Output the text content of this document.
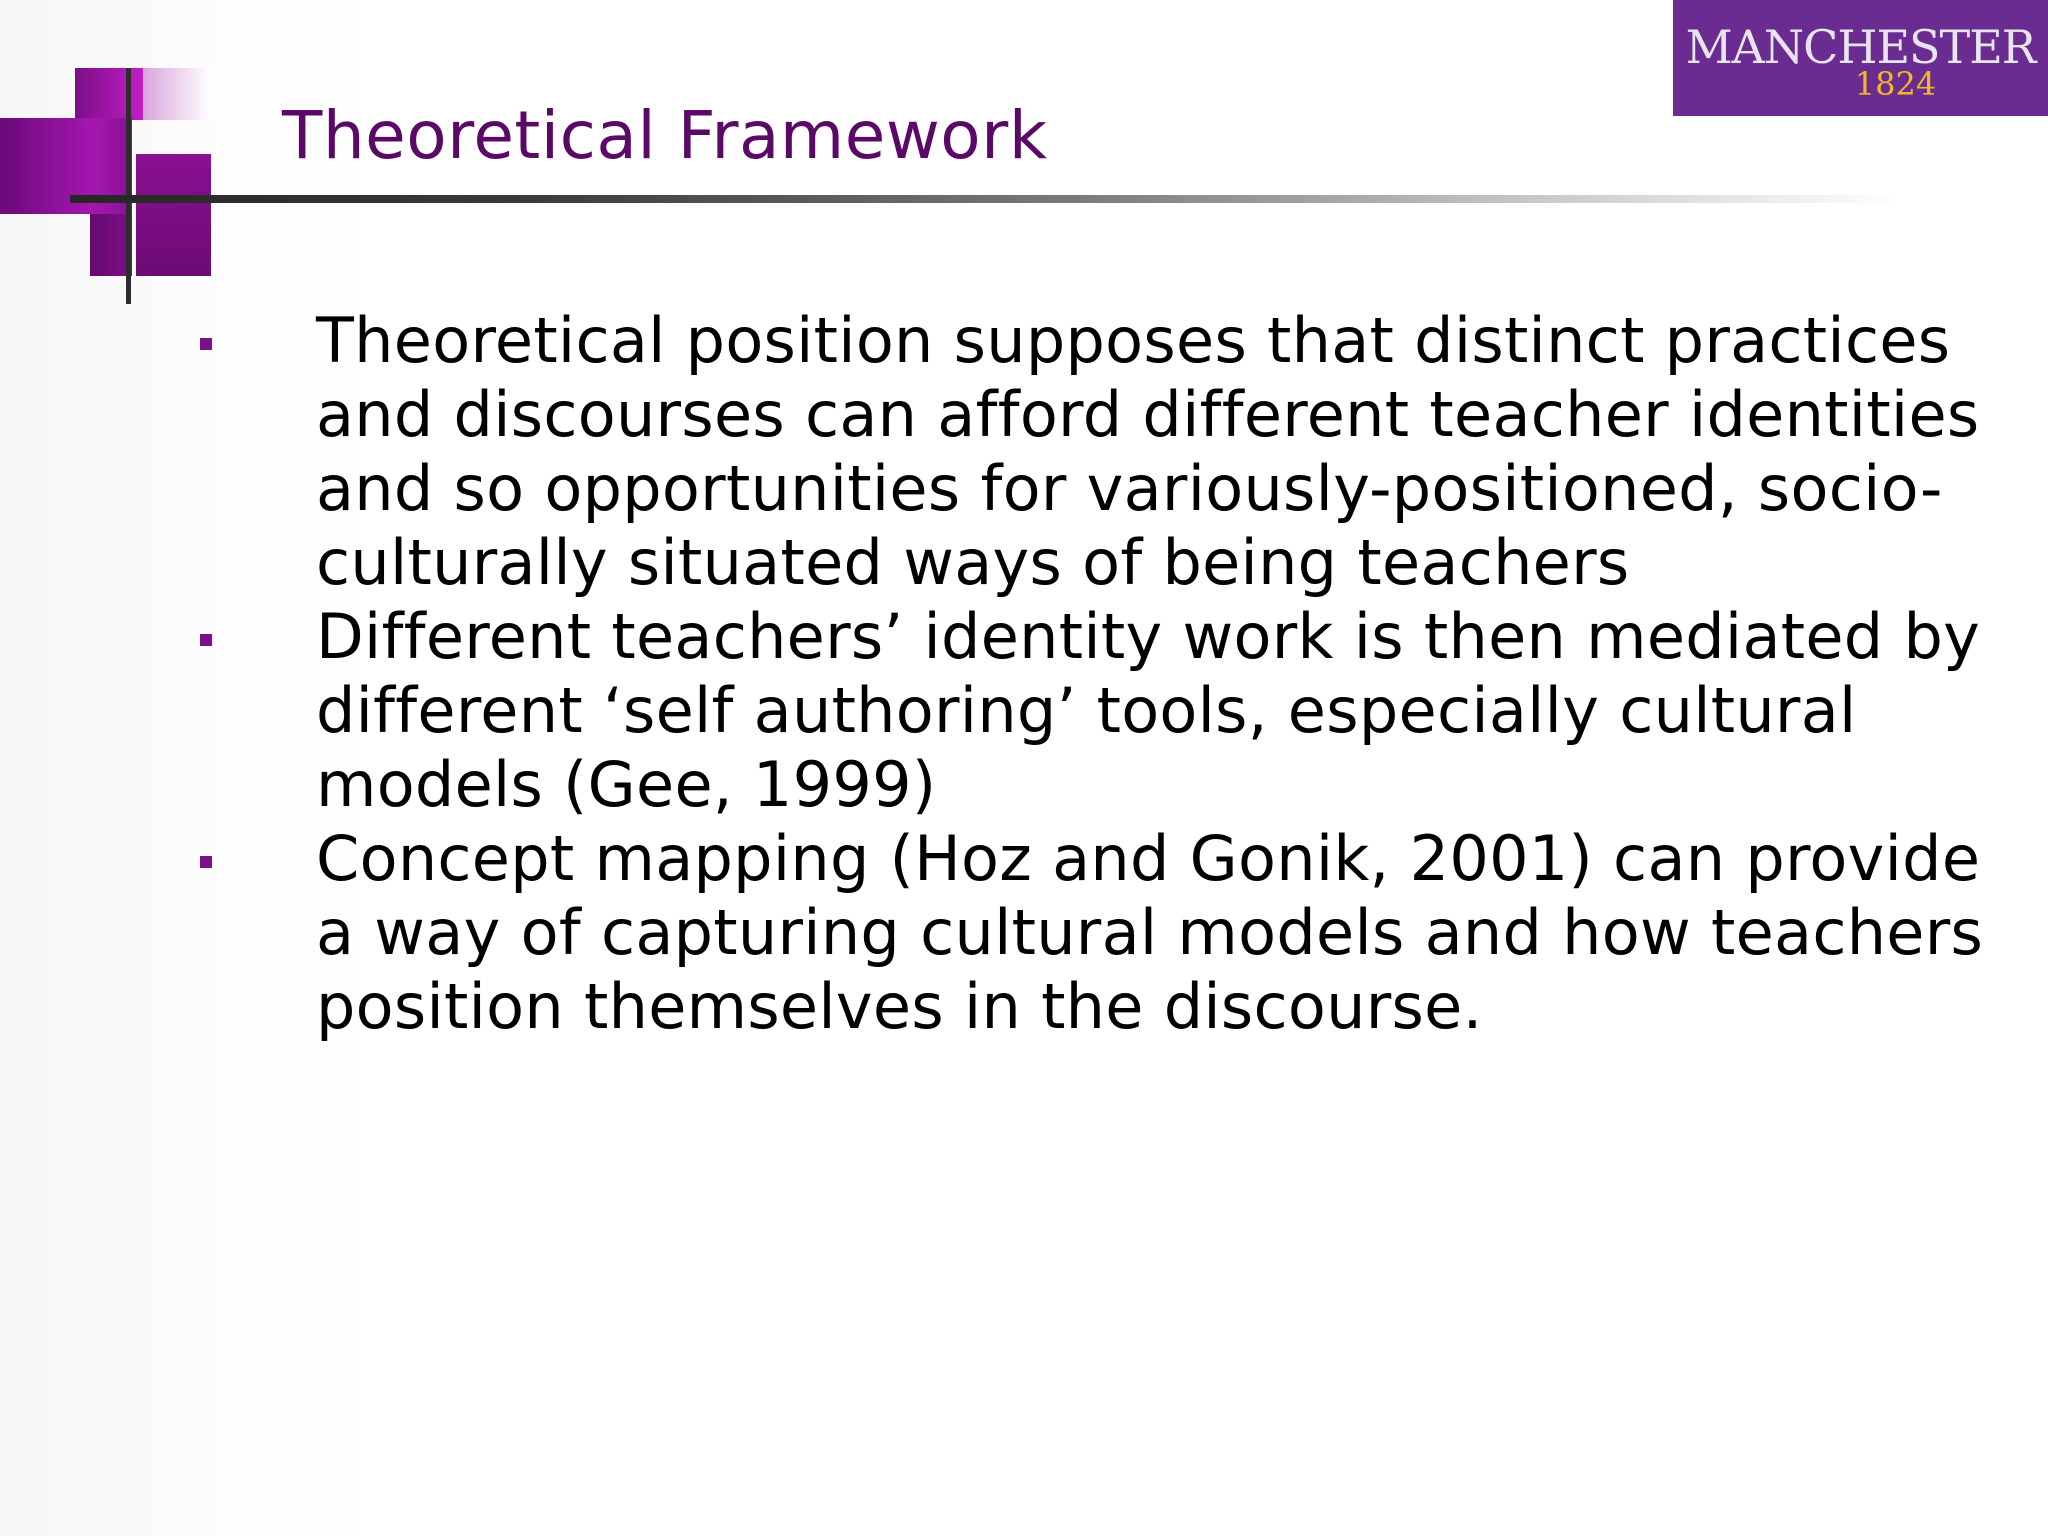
Theoretical Framework
MANCHESTER
1824
Theoretical position supposes that distinct practices and discourses can afford different teacher identities and so opportunities for variously-positioned, socio-culturally situated ways of being teachers
Different teachers’ identity work is then mediated by different ‘self authoring’ tools, especially cultural models (Gee, 1999)
Concept mapping (Hoz and Gonik, 2001) can provide a way of capturing cultural models and how teachers position themselves in the discourse.
